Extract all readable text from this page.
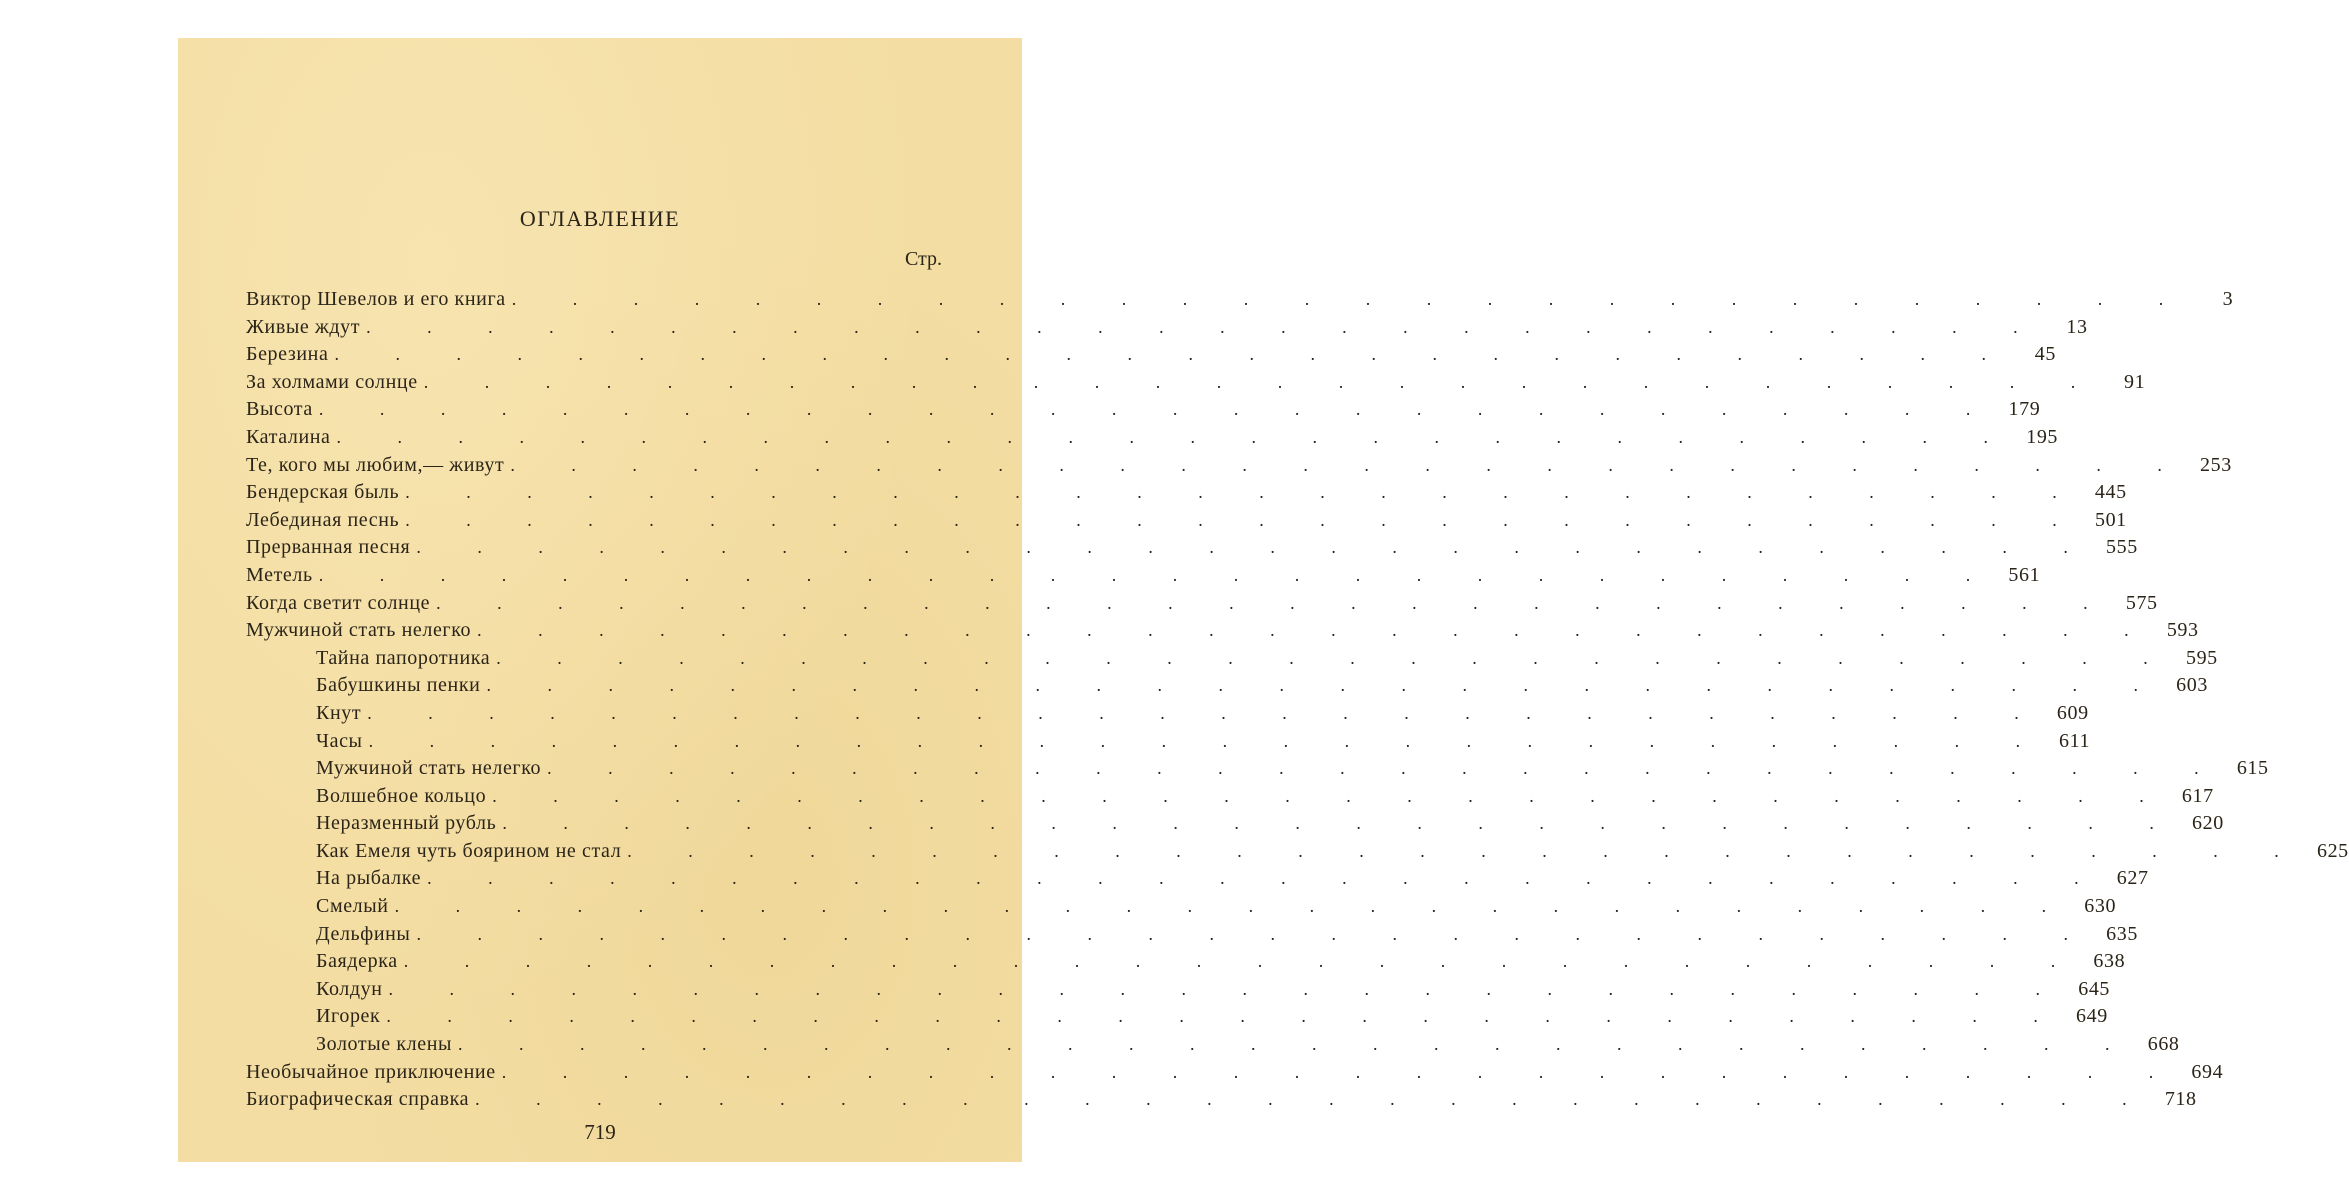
ОГЛАВЛЕНИЕ
Стр.
Виктор Шевелов и его книга . . . . . . . . . . . . . . . . . . . . . . . . . . . .	3
Живые ждут . . . . . . . . . . . . . . . . . . . . . . . . . . . .	13
Березина . . . . . . . . . . . . . . . . . . . . . . . . . . . .	45
За холмами солнце . . . . . . . . . . . . . . . . . . . . . . . . . . . .	91
Высота . . . . . . . . . . . . . . . . . . . . . . . . . . . . 179
Каталина . . . . . . . . . . . . . . . . . . . . . . . . . . . . 195
Те, кого мы любим,— живут . . . . . . . . . . . . . . . . . . . . . . . . . . . . 253
Бендерская быль . . . . . . . . . . . . . . . . . . . . . . . . . . . . 445
Лебединая песнь . . . . . . . . . . . . . . . . . . . . . . . . . . . . 501
Прерванная песня . . . . . . . . . . . . . . . . . . . . . . . . . . . . 555
Метель . . . . . . . . . . . . . . . . . . . . . . . . . . . . 561
Когда светит солнце . . . . . . . . . . . . . . . . . . . . . . . . . . . . 575
Мужчиной стать нелегко . . . . . . . . . . . . . . . . . . . . . . . . . . . . 593
Тайна папоротника . . . . . . . . . . . . . . . . . . . . . . . . . . . . 595
Бабушкины пенки . . . . . . . . . . . . . . . . . . . . . . . . . . . . 603
Кнут . . . . . . . . . . . . . . . . . . . . . . . . . . . . 609
Часы . . . . . . . . . . . . . . . . . . . . . . . . . . . . 611
Мужчиной стать нелегко . . . . . . . . . . . . . . . . . . . . . . . . . . . . 615
Волшебное кольцо . . . . . . . . . . . . . . . . . . . . . . . . . . . . 617
Неразменный рубль . . . . . . . . . . . . . . . . . . . . . . . . . . . . 620
Как Емеля чуть боярином не стал . . . . . . . . . . . . . . . . . . . . . . . . . . . . 625
На рыбалке . . . . . . . . . . . . . . . . . . . . . . . . . . . . 627
Смелый . . . . . . . . . . . . . . . . . . . . . . . . . . . . 630
Дельфины . . . . . . . . . . . . . . . . . . . . . . . . . . . . 635
Баядерка . . . . . . . . . . . . . . . . . . . . . . . . . . . . 638
Колдун . . . . . . . . . . . . . . . . . . . . . . . . . . . . 645
Игорек . . . . . . . . . . . . . . . . . . . . . . . . . . . . 649
Золотые клены . . . . . . . . . . . . . . . . . . . . . . . . . . . . 668
Необычайное приключение . . . . . . . . . . . . . . . . . . . . . . . . . . . . 694
Биографическая справка . . . . . . . . . . . . . . . . . . . . . . . . . . . . 718
719
